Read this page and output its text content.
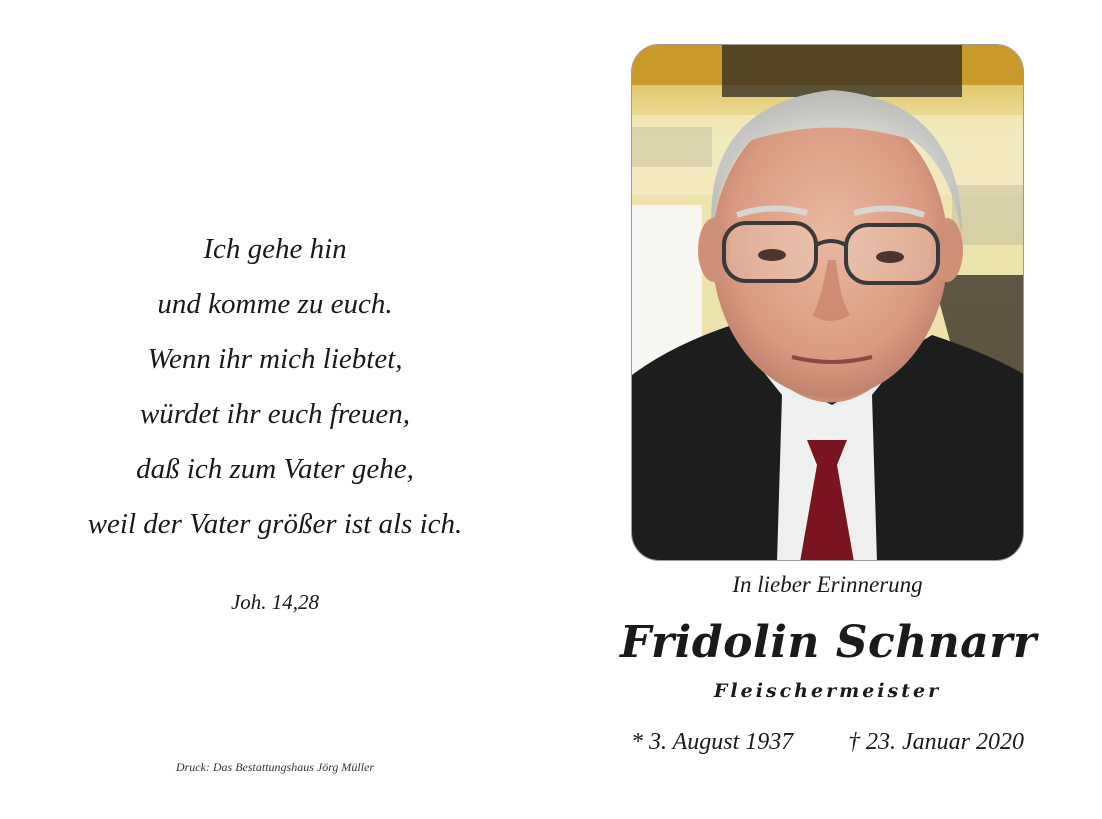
Ich gehe hin
und komme zu euch.
Wenn ihr mich liebtet,
würdet ihr euch freuen,
daß ich zum Vater gehe,
weil der Vater größer ist als ich.
Joh. 14,28
Druck: Das Bestattungshaus Jörg Müller
In lieber Erinnerung
Fridolin Schnarr
Fleischermeister
* 3. August 1937 † 23. Januar 2020
